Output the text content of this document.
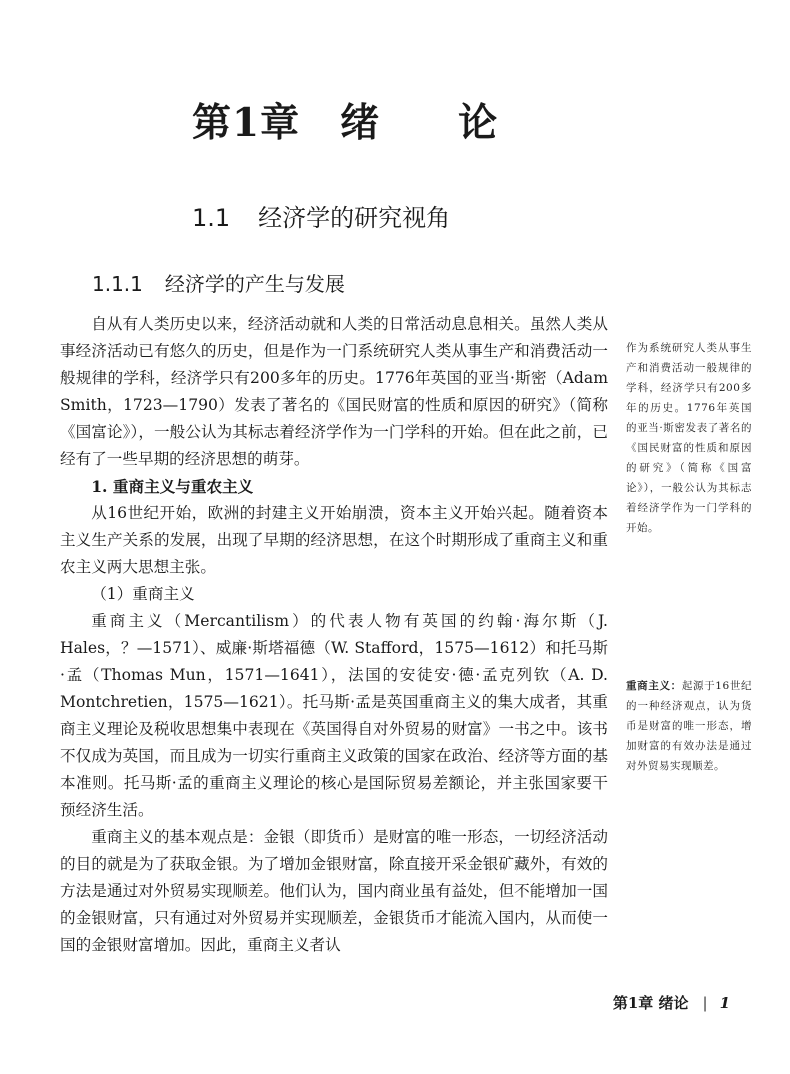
第1章 绪 论
1.1 经济学的研究视角
1.1.1 经济学的产生与发展

自从有人类历史以来，经济活动就和人类的日常活动息息相关。虽然人类从事经济活动已有悠久的历史，但是作为一门系统研究人类从事生产和消费活动一般规律的学科，经济学只有200多年的历史。1776年英国的亚当·斯密（Adam Smith，1723—1790）发表了著名的《国民财富的性质和原因的研究》（简称《国富论》），一般公认为其标志着经济学作为一门学科的开始。但在此之前，已经有了一些早期的经济思想的萌芽。

1. 重商主义与重农主义

从16世纪开始，欧洲的封建主义开始崩溃，资本主义开始兴起。随着资本主义生产关系的发展，出现了早期的经济思想，在这个时期形成了重商主义和重农主义两大思想主张。

（1）重商主义

重商主义（Mercantilism）的代表人物有英国的约翰·海尔斯（J. Hales，？—1571）、威廉·斯塔福德（W. Stafford，1575—1612）和托马斯·孟（Thomas Mun，1571—1641），法国的安徒安·德·孟克列钦（A. D. Montchretien，1575—1621）。托马斯·孟是英国重商主义的集大成者，其重商主义理论及税收思想集中表现在《英国得自对外贸易的财富》一书之中。该书不仅成为英国，而且成为一切实行重商主义政策的国家在政治、经济等方面的基本准则。托马斯·孟的重商主义理论的核心是国际贸易差额论，并主张国家要干预经济生活。

重商主义的基本观点是：金银（即货币）是财富的唯一形态，一切经济活动的目的就是为了获取金银。为了增加金银财富，除直接开采金银矿藏外，有效的方法是通过对外贸易实现顺差。他们认为，国内商业虽有益处，但不能增加一国的金银财富，只有通过对外贸易并实现顺差，金银货币才能流入国内，从而使一国的金银财富增加。因此，重商主义者认

作为系统研究人类从事生产和消费活动一般规律的学科，经济学只有200多年的历史。1776年英国的亚当·斯密发表了著名的《国民财富的性质和原因的研究》（简称《国富论》），一般公认为其标志着经济学作为一门学科的开始。
重商主义：起源于16世纪的一种经济观点，认为货币是财富的唯一形态，增加财富的有效办法是通过对外贸易实现顺差。
第1章 绪论 | 1
